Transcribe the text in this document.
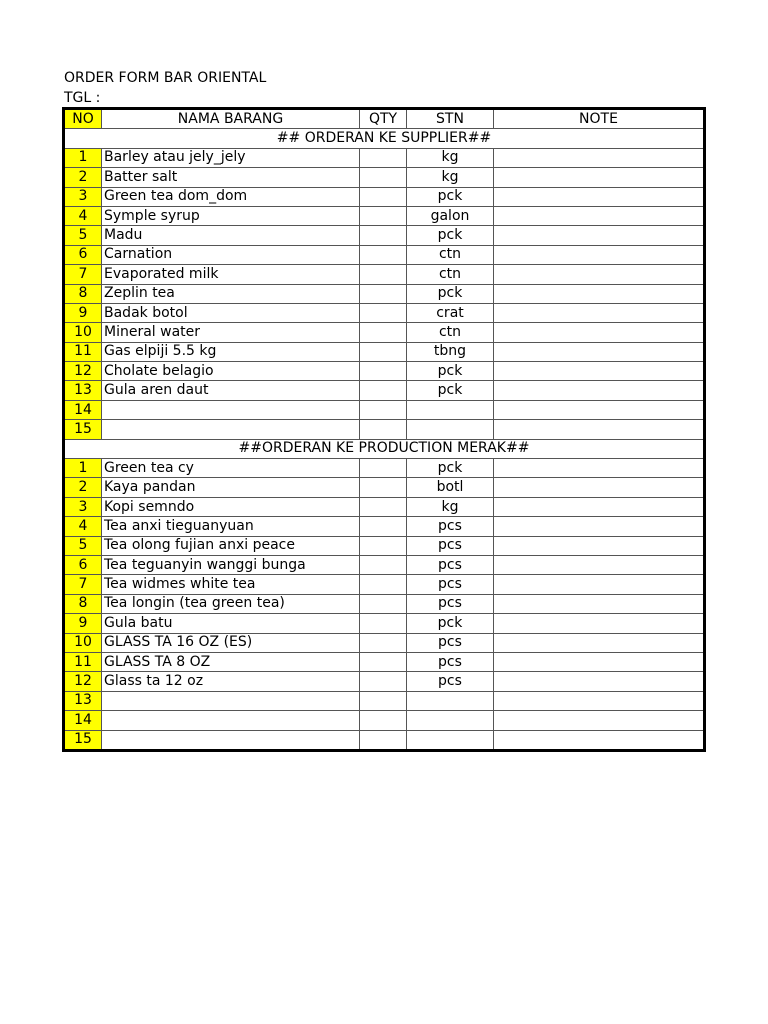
ORDER FORM BAR ORIENTAL
TGL :
NO	NAMA BARANG	QTY	STN	NOTE
## ORDERAN KE SUPPLIER##				
1	Barley atau jely_jely		kg	
2	Batter salt		kg	
3	Green tea dom_dom		pck	
4	Symple syrup		galon	
5	Madu		pck	
6	Carnation		ctn	
7	Evaporated milk		ctn	
8	Zeplin tea		pck	
9	Badak botol		crat	
10	Mineral water		ctn	
11	Gas elpiji 5.5 kg		tbng	
12	Cholate belagio		pck	
13	Gula aren daut		pck	
14				
15				
##ORDERAN KE PRODUCTION MERAK##				
1	Green tea cy		pck	
2	Kaya pandan		botl	
3	Kopi semndo		kg	
4	Tea anxi tieguanyuan		pcs	
5	Tea olong fujian anxi peace		pcs	
6	Tea teguanyin wanggi bunga		pcs	
7	Tea widmes white tea		pcs	
8	Tea longin (tea green tea)		pcs	
9	Gula batu		pck	
10	GLASS TA 16 OZ (ES)		pcs	
11	GLASS TA 8 OZ		pcs	
12	Glass ta 12 oz		pcs	
13				
14				
15				
